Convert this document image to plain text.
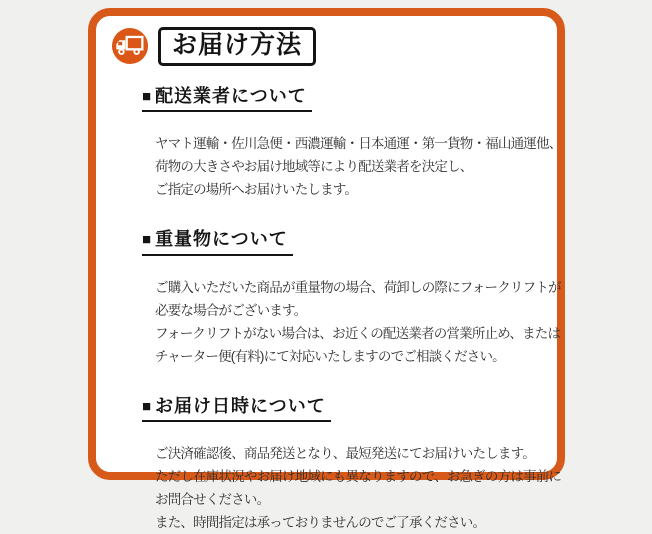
お届け方法
■ 配送業者について

ヤマト運輸・佐川急便・西濃運輸・日本通運・第一貨物・福山通運他、

荷物の大きさやお届け地域等により配送業者を決定し、

ご指定の場所へお届けいたします。

■ 重量物について

ご購入いただいた商品が重量物の場合、荷卸しの際にフォークリフトが

必要な場合がございます。

フォークリフトがない場合は、お近くの配送業者の営業所止め、または

チャーター便(有料)にて対応いたしますのでご相談ください。

■ お届け日時について

ご決済確認後、商品発送となり、最短発送にてお届けいたします。

ただし在庫状況やお届け地域にも異なりますので、お急ぎの方は事前に

お問合せください。

また、時間指定は承っておりませんのでご了承ください。
